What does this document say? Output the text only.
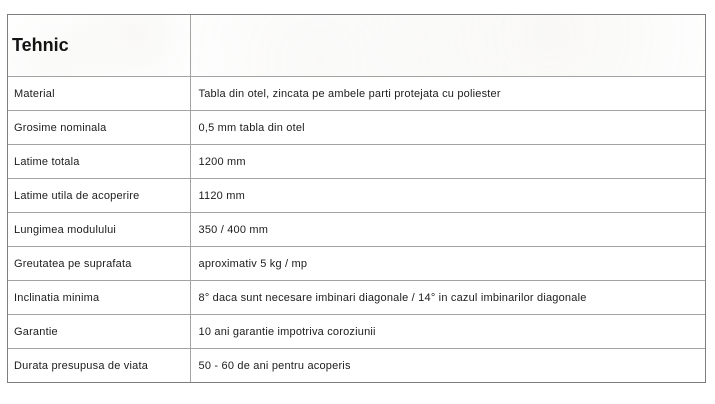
Tehnic	
Material	Tabla din otel, zincata pe ambele parti protejata cu poliester
Grosime nominala	0,5 mm tabla din otel
Latime totala	1200 mm
Latime utila de acoperire	1120 mm
Lungimea modulului	350 / 400 mm
Greutatea pe suprafata	aproximativ 5 kg / mp
Inclinatia minima	8° daca sunt necesare imbinari diagonale / 14° in cazul imbinarilor diagonale
Garantie	10 ani garantie impotriva coroziunii
Durata presupusa de viata	50 - 60 de ani pentru acoperis
